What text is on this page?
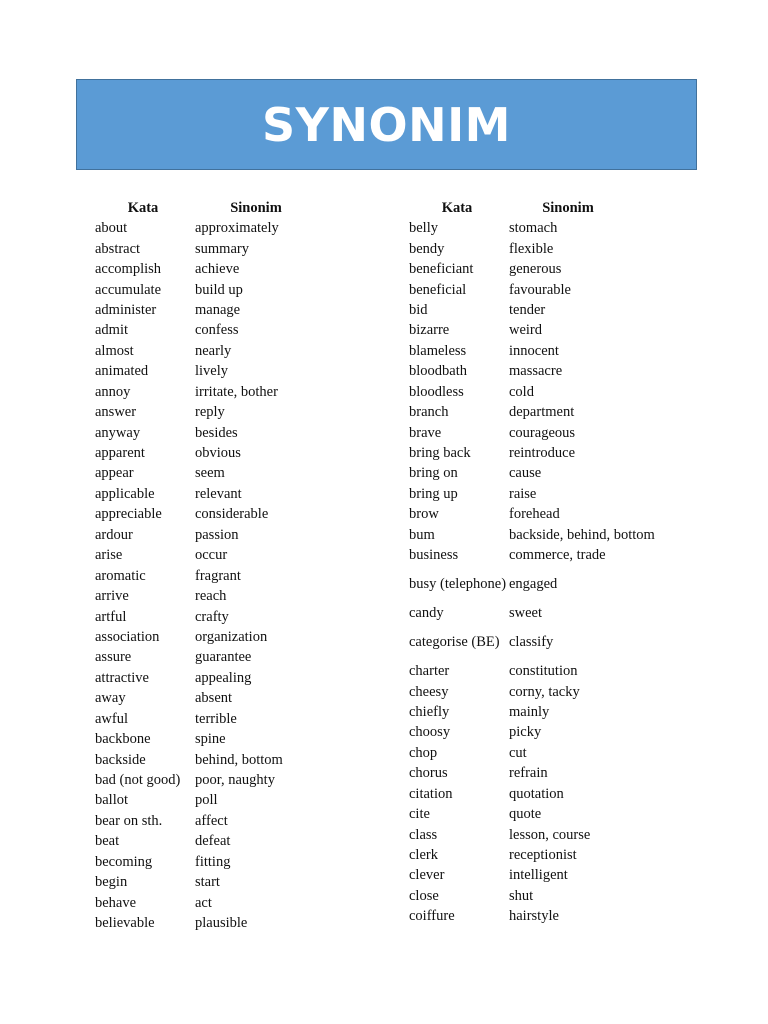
SYNONIM
Kata	Sinonim
about	approximately
abstract	summary
accomplish	achieve
accumulate	build up
administer	manage
admit	confess
almost	nearly
animated	lively
annoy	irritate, bother
answer	reply
anyway	besides
apparent	obvious
appear	seem
applicable	relevant
appreciable	considerable
ardour	passion
arise	occur
aromatic	fragrant
arrive	reach
artful	crafty
association	organization
assure	guarantee
attractive	appealing
away	absent
awful	terrible
backbone	spine
backside	behind, bottom
bad (not good)	poor, naughty
ballot	poll
bear on sth.	affect
beat	defeat
becoming	fitting
begin	start
behave	act
believable	plausible
Kata	Sinonim
belly	stomach
bendy	flexible
beneficiant	generous
beneficial	favourable
bid	tender
bizarre	weird
blameless	innocent
bloodbath	massacre
bloodless	cold
branch	department
brave	courageous
bring back	reintroduce
bring on	cause
bring up	raise
brow	forehead
bum	backside, behind, bottom
business	commerce, trade
busy (telephone) engaged
candy	sweet
categorise (BE) classify
charter	constitution
cheesy	corny, tacky
chiefly	mainly
choosy	picky
chop	cut
chorus	refrain
citation	quotation
cite	quote
class	lesson, course
clerk	receptionist
clever	intelligent
close	shut
coiffure	hairstyle
